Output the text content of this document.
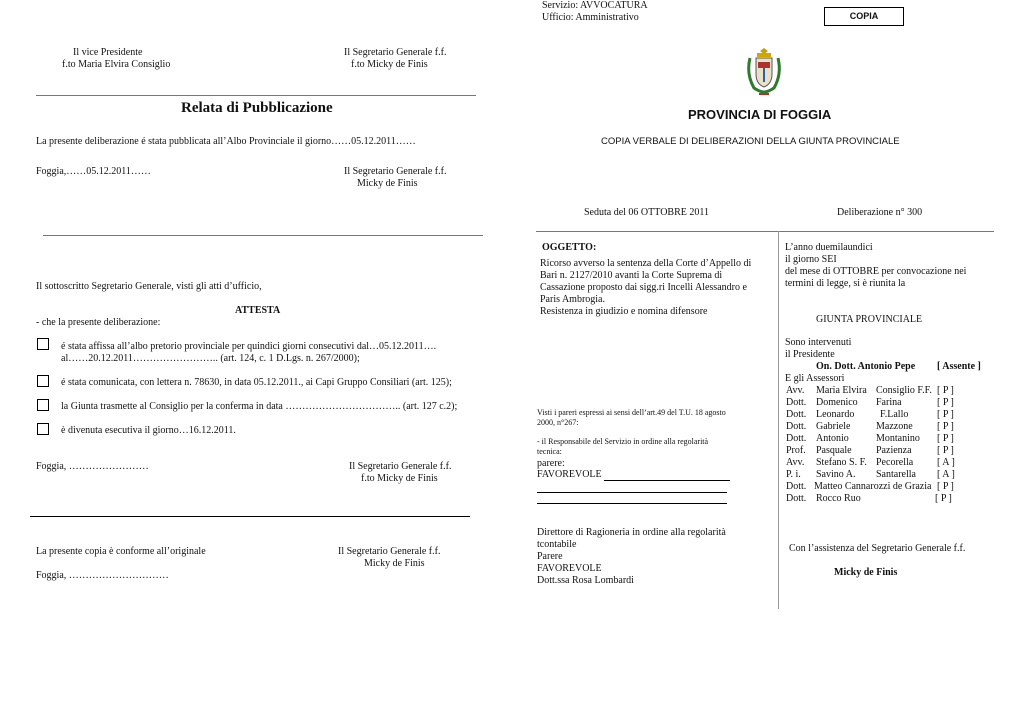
Il vice Presidente
f.to Maria Elvira Consiglio
Il Segretario Generale f.f.
f.to Micky de Finis
Relata di Pubblicazione
La presente deliberazione é stata pubblicata all’Albo Provinciale il giorno……05.12.2011……
Foggia,……05.12.2011……	Il Segretario Generale f.f.
Micky de Finis
Il sottoscritto Segretario Generale, visti gli atti d’ufficio,
ATTESTA
- che la presente deliberazione:
é stata affissa all’albo pretorio provinciale per quindici giorni consecutivi dal…05.12.2011….
al……20.12.2011…………………….. (art. 124, c. 1 D.Lgs. n. 267/2000);
é stata comunicata, con lettera n. 78630, in data 05.12.2011., ai Capi Gruppo Consiliari (art. 125);
la Giunta trasmette al Consiglio per la conferma in data …………………………….. (art. 127 c.2);
è divenuta esecutiva il giorno…16.12.2011.
Foggia, ……………………	Il Segretario Generale f.f.
f.to Micky de Finis
La presente copia è conforme all’originale	Il Segretario Generale f.f.
Micky de Finis
Foggia, …………………………
Servizio: AVVOCATURA
Ufficio: Amministrativo	COPIA
PROVINCIA DI FOGGIA
COPIA VERBALE DI DELIBERAZIONI DELLA GIUNTA PROVINCIALE
Seduta del 06 OTTOBRE 2011	Deliberazione n° 300
OGGETTO:
Ricorso avverso la sentenza della Corte d’Appello di
Bari n. 2127/2010 avanti la Corte Suprema di
Cassazione proposto dai sigg.ri Incelli Alessandro e
Paris Ambrogia.
Resistenza in giudizio e nomina difensore
Visti i pareri espressi ai sensi dell’art.49 del T.U. 18 agosto
2000, n°267:
- il Responsabile del Servizio in ordine alla regolarità
tecnica:
parere:
FAVOREVOLE
Direttore di Ragioneria in ordine alla regolarità
tcontabile
Parere
FAVOREVOLE
Dott.ssa Rosa Lombardi
L’anno duemilaundici
il giorno SEI
del mese di OTTOBRE per convocazione nei
termini di legge, si è riunita la
GIUNTA PROVINCIALE
Sono intervenuti
il Presidente
On. Dott. Antonio Pepe [ Assente ]
E gli Assessori
Avv. Maria Elvira Consiglio F.F. [ P ]
Dott. Domenico Farina	[ P ]
Dott. Leonardo	F.Lallo	[ P ]
Dott. Gabriele	Mazzone [ P ]
Dott. Antonio	Montanino [ P ]
Prof. Pasquale Pazienza	[ P ]
Avv. Stefano S. F. Pecorella [ A ]
P. i. Savino A. Santarella [ A ]
Dott. Matteo Cannarozzi de Grazia [ P ]
Dott. Rocco Ruo	[ P ]
Con l’assistenza del Segretario Generale f.f.
Micky de Finis
